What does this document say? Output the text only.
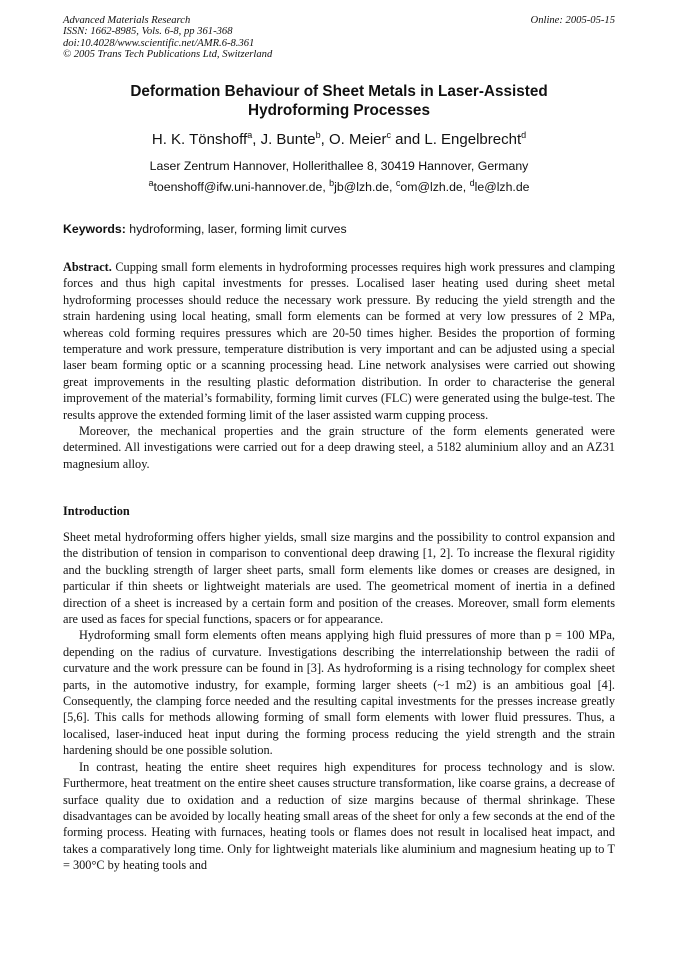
Advanced Materials Research
ISSN: 1662-8985, Vols. 6-8, pp 361-368
doi:10.4028/www.scientific.net/AMR.6-8.361
© 2005 Trans Tech Publications Ltd, Switzerland
Online: 2005-05-15
Deformation Behaviour of Sheet Metals in Laser-Assisted
Hydroforming Processes
H. K. Tönshoff$^a$, J. Bunte$^b$, O. Meier$^c$ and L. Engelbrecht$^d$
Laser Zentrum Hannover, Hollerithallee 8, 30419 Hannover, Germany
$^a$toenshoff@ifw.uni-hannover.de, $^b$jb@lzh.de, $^c$om@lzh.de, $^d$le@lzh.de
Keywords: hydroforming, laser, forming limit curves

Abstract. Cupping small form elements in hydroforming processes requires high work pressures and clamping forces and thus high capital investments for presses. Localised laser heating used during sheet metal hydroforming processes should reduce the necessary work pressure. By reducing the yield strength and the strain hardening using local heating, small form elements can be formed at very low pressures of 2 MPa, whereas cold forming requires pressures which are 20-50 times higher. Besides the proportion of forming temperature and work pressure, temperature distribution is very important and can be adjusted using a special laser beam forming optic or a scanning processing head. Line network analysises were carried out showing great improvements in the resulting plastic deformation distribution. In order to characterise the general improvement of the material’s formability, forming limit curves (FLC) were generated using the bulge-test. The results approve the extended forming limit of the laser assisted warm cupping process.

Moreover, the mechanical properties and the grain structure of the form elements generated were determined. All investigations were carried out for a deep drawing steel, a 5182 aluminium alloy and an AZ31 magnesium alloy.

Introduction

Sheet metal hydroforming offers higher yields, small size margins and the possibility to control expansion and the distribution of tension in comparison to conventional deep drawing [1, 2]. To increase the flexural rigidity and the buckling strength of larger sheet parts, small form elements like domes or creases are designed, in particular if thin sheets or lightweight materials are used. The geometrical moment of inertia in a defined direction of a sheet is increased by a certain form and position of the creases. Moreover, small form elements are used as faces for special functions, spacers or for appearance.

Hydroforming small form elements often means applying high fluid pressures of more than p = 100 MPa, depending on the radius of curvature. Investigations describing the interrelationship between the radii of curvature and the work pressure can be found in [3]. As hydroforming is a rising technology for complex sheet parts, in the automotive industry, for example, forming larger sheets (~1 m2) is an ambitious goal [4]. Consequently, the clamping force needed and the resulting capital investments for the presses increase greatly [5,6]. This calls for methods allowing forming of small form elements with lower fluid pressures. Thus, a localised, laser-induced heat input during the forming process reducing the yield strength and the strain hardening should be one possible solution.

In contrast, heating the entire sheet requires high expenditures for process technology and is slow. Furthermore, heat treatment on the entire sheet causes structure transformation, like coarse grains, a decrease of surface quality due to oxidation and a reduction of size margins because of thermal shrinkage. These disadvantages can be avoided by locally heating small areas of the sheet for only a few seconds at the end of the forming process. Heating with furnaces, heating tools or flames does not result in localised heat impact, and takes a comparatively long time. Only for lightweight materials like aluminium and magnesium heating up to T = 300°C by heating tools and
